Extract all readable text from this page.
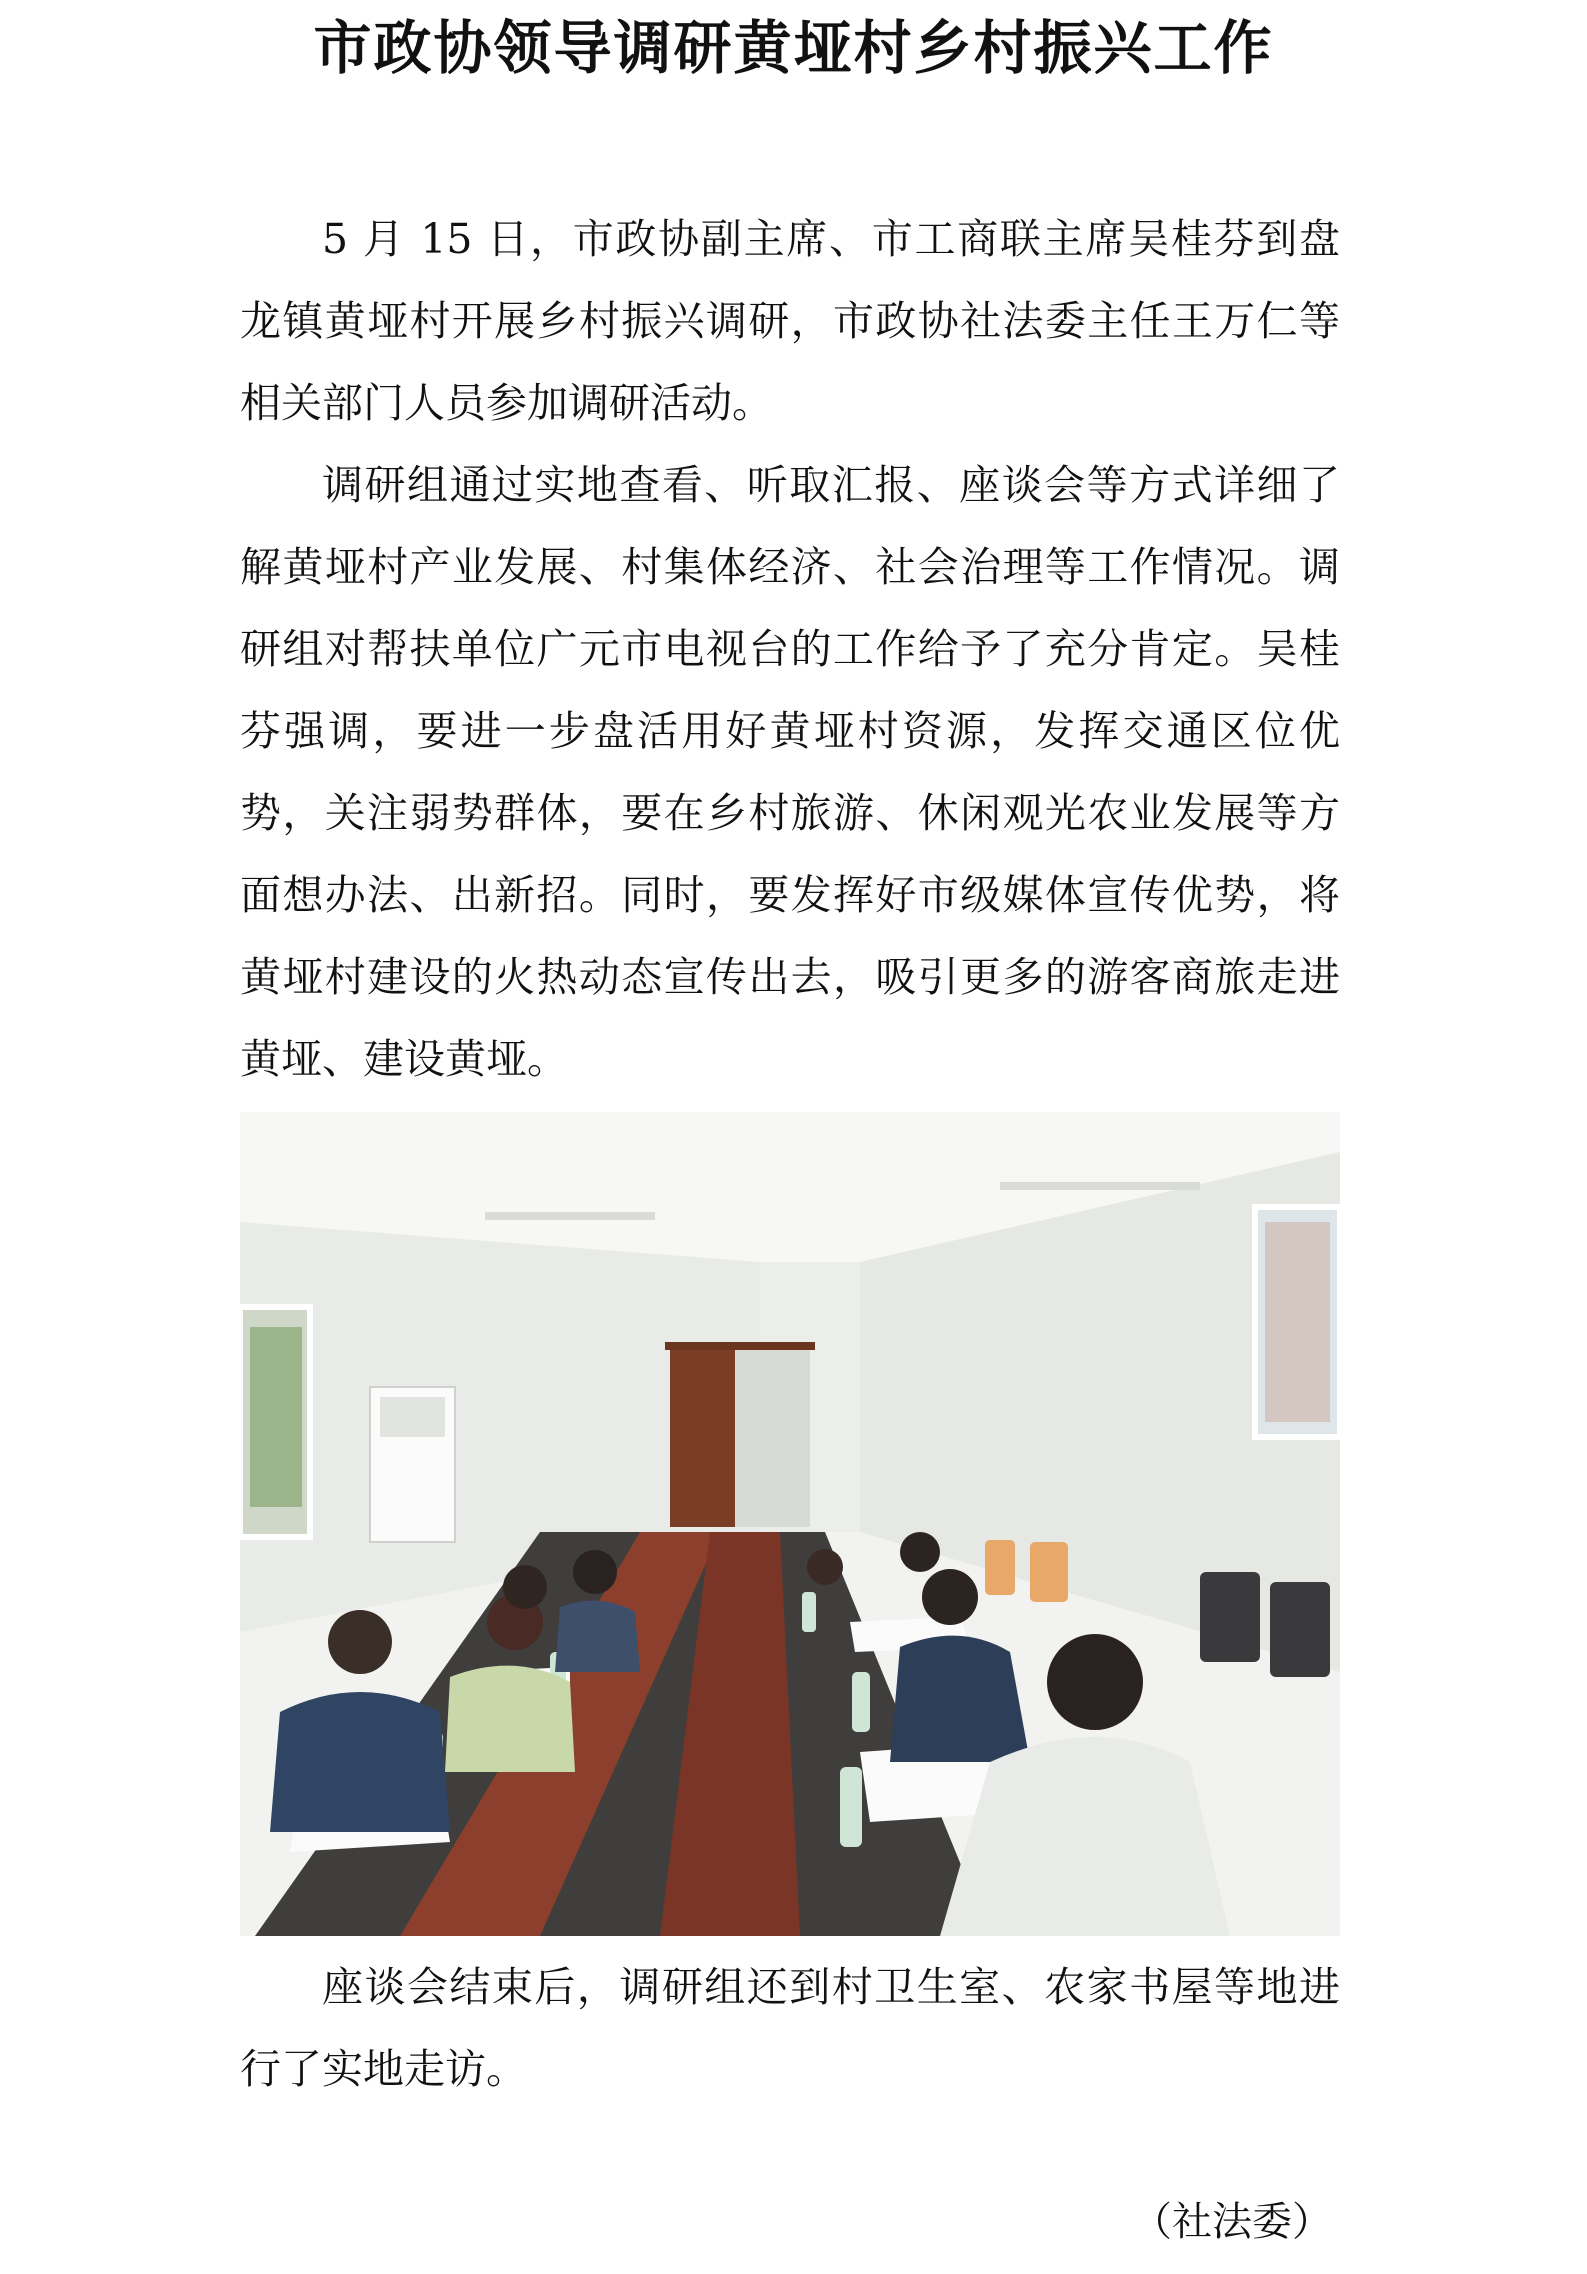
市政协领导调研黄垭村乡村振兴工作

5 月 15 日，市政协副主席、市工商联主席吴桂芬到盘龙镇黄垭村开展乡村振兴调研，市政协社法委主任王万仁等相关部门人员参加调研活动。

调研组通过实地查看、听取汇报、座谈会等方式详细了解黄垭村产业发展、村集体经济、社会治理等工作情况。调研组对帮扶单位广元市电视台的工作给予了充分肯定。吴桂芬强调，要进一步盘活用好黄垭村资源，发挥交通区位优势，关注弱势群体，要在乡村旅游、休闲观光农业发展等方面想办法、出新招。同时，要发挥好市级媒体宣传优势，将黄垭村建设的火热动态宣传出去，吸引更多的游客商旅走进黄垭、建设黄垭。

座谈会结束后，调研组还到村卫生室、农家书屋等地进行了实地走访。

（社法委）
